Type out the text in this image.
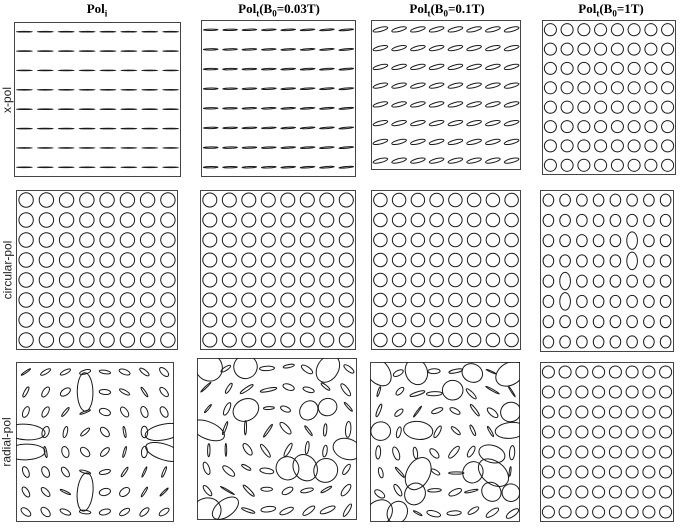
Pol$_i$	$Pol_t(B_0=0.03T)$	$Pol_t(B_0=0.1T)$	$Pol_t(B_0=1T)$
x-pol
circular-pol
radial-pol
